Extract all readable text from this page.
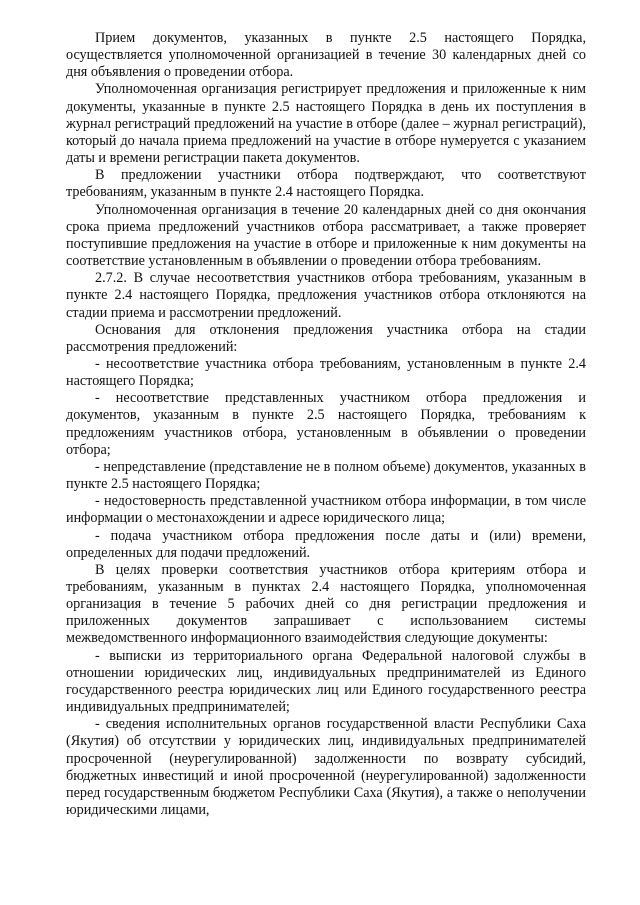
Прием документов, указанных в пункте 2.5 настоящего Порядка, осуществляется уполномоченной организацией в течение 30 календарных дней со дня объявления о проведении отбора.

Уполномоченная организация регистрирует предложения и приложенные к ним документы, указанные в пункте 2.5 настоящего Порядка в день их поступления в журнал регистраций предложений на участие в отборе (далее – журнал регистраций), который до начала приема предложений на участие в отборе нумеруется с указанием даты и времени регистрации пакета документов.

В предложении участники отбора подтверждают, что соответствуют требованиям, указанным в пункте 2.4 настоящего Порядка.

Уполномоченная организация в течение 20 календарных дней со дня окончания срока приема предложений участников отбора рассматривает, а также проверяет поступившие предложения на участие в отборе и приложенные к ним документы на соответствие установленным в объявлении о проведении отбора требованиям.

2.7.2. В случае несоответствия участников отбора требованиям, указанным в пункте 2.4 настоящего Порядка, предложения участников отбора отклоняются на стадии приема и рассмотрении предложений.

Основания для отклонения предложения участника отбора на стадии рассмотрения предложений:

- несоответствие участника отбора требованиям, установленным в пункте 2.4 настоящего Порядка;

- несоответствие представленных участником отбора предложения и документов, указанным в пункте 2.5 настоящего Порядка, требованиям к предложениям участников отбора, установленным в объявлении о проведении отбора;

- непредставление (представление не в полном объеме) документов, указанных в пункте 2.5 настоящего Порядка;

- недостоверность представленной участником отбора информации, в том числе информации о местонахождении и адресе юридического лица;

- подача участником отбора предложения после даты и (или) времени, определенных для подачи предложений.

В целях проверки соответствия участников отбора критериям отбора и требованиям, указанным в пунктах 2.4 настоящего Порядка, уполномоченная организация в течение 5 рабочих дней со дня регистрации предложения и приложенных документов запрашивает с использованием системы межведомственного информационного взаимодействия следующие документы:

- выписки из территориального органа Федеральной налоговой службы в отношении юридических лиц, индивидуальных предпринимателей из Единого государственного реестра юридических лиц или Единого государственного реестра индивидуальных предпринимателей;

- сведения исполнительных органов государственной власти Республики Саха (Якутия) об отсутствии у юридических лиц, индивидуальных предпринимателей просроченной (неурегулированной) задолженности по возврату субсидий, бюджетных инвестиций и иной просроченной (неурегулированной) задолженности перед государственным бюджетом Республики Саха (Якутия), а также о неполучении юридическими лицами,
